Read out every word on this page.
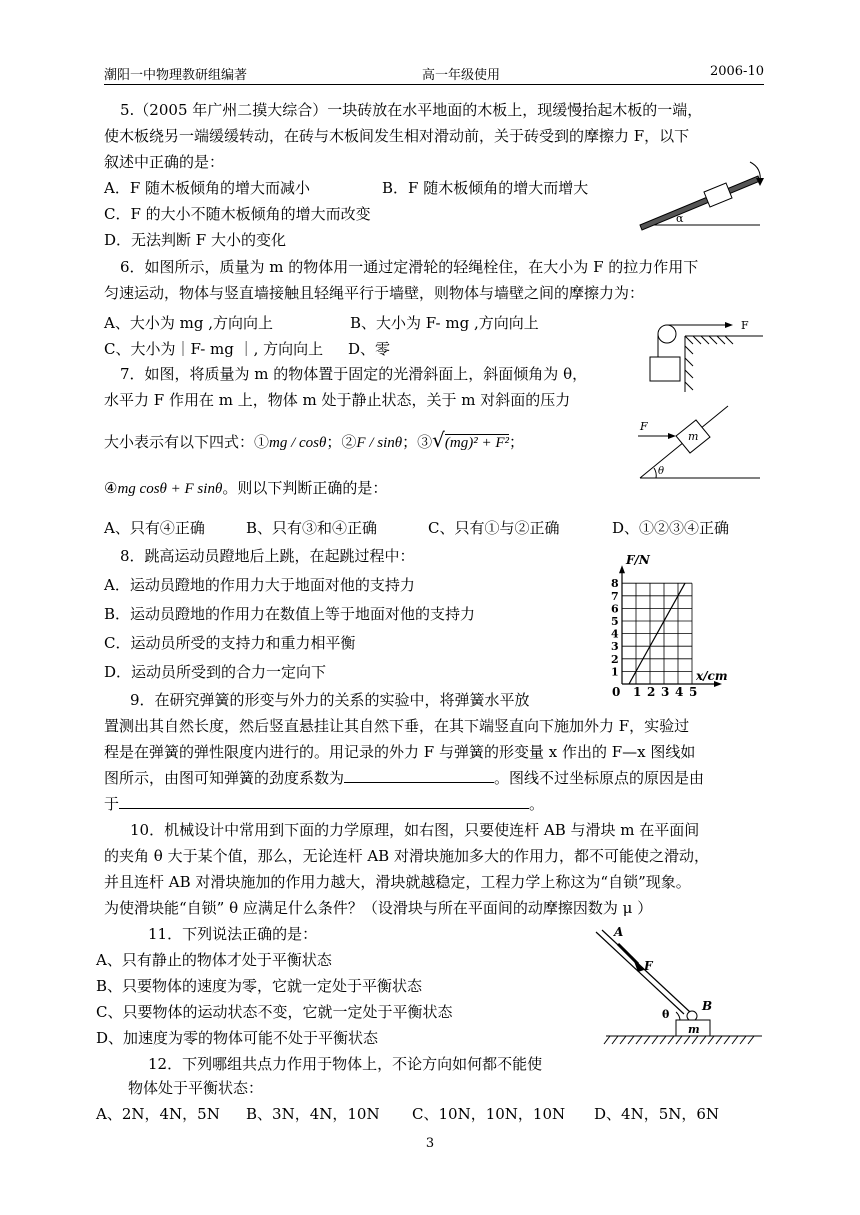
潮阳一中物理教研组编著	高一年级使用	2006-10
5.（2005 年广州二摸大综合）一块砖放在水平地面的木板上，现缓慢抬起木板的一端，
使木板绕另一端缓缓转动，在砖与木板间发生相对滑动前，关于砖受到的摩擦力 F，以下
叙述中正确的是：
A．F 随木板倾角的增大而减小	B．F 随木板倾角的增大而增大
C．F 的大小不随木板倾角的增大而改变
D．无法判断 F 大小的变化
α
6．如图所示，质量为 m 的物体用一通过定滑轮的轻绳栓住，在大小为 F 的拉力作用下
匀速运动，物体与竖直墙接触且轻绳平行于墙壁，则物体与墙壁之间的摩擦力为：
A、大小为 mg ,方向向上	B、大小为 F- mg ,方向向上
C、大小为｜F- mg ｜, 方向向上 D、零
F
7．如图，将质量为 m 的物体置于固定的光滑斜面上，斜面倾角为 θ，
水平力 F 作用在 m 上，物体 m 处于静止状态，关于 m 对斜面的压力
大小表示有以下四式：①mg / cosθ；②F / sinθ；③√(mg)² + F²；
④mg cosθ + F sinθ。则以下判断正确的是：
A、只有④正确	B、只有③和④正确	C、只有①与②正确	D、①②③④正确
F
m
θ
8．跳高运动员蹬地后上跳，在起跳过程中：
A．运动员蹬地的作用力大于地面对他的支持力
B．运动员蹬地的作用力在数值上等于地面对他的支持力
C．运动员所受的支持力和重力相平衡
D．运动员所受到的合力一定向下
0 1 2 3 4 5
1
2
3
4
5
6
7
8
F/N
x/cm
9．在研究弹簧的形变与外力的关系的实验中，将弹簧水平放
置测出其自然长度，然后竖直悬挂让其自然下垂，在其下端竖直向下施加外力 F，实验过
程是在弹簧的弹性限度内进行的。用记录的外力 F 与弹簧的形变量 x 作出的 F—x 图线如
图所示，由图可知弹簧的劲度系数为	。图线不过坐标原点的原因是由
于	。
10．机械设计中常用到下面的力学原理，如右图，只要使连杆 AB 与滑块 m 在平面间
的夹角 θ 大于某个值，那么，无论连杆 AB 对滑块施加多大的作用力，都不可能使之滑动，
并且连杆 AB 对滑块施加的作用力越大，滑块就越稳定，工程力学上称这为“自锁”现象。
为使滑块能“自锁” θ 应满足什么条件？（设滑块与所在平面间的动摩擦因数为 μ ）
11．下列说法正确的是：
A、只有静止的物体才处于平衡状态
B、只要物体的速度为零，它就一定处于平衡状态
C、只要物体的运动状态不变，它就一定处于平衡状态
D、加速度为零的物体可能不处于平衡状态
A
F
B
m
θ
12．下列哪组共点力作用于物体上，不论方向如何都不能使
物体处于平衡状态：
A、2N，4N，5N B、3N，4N，10N C、10N，10N，10N D、4N，5N，6N
3
